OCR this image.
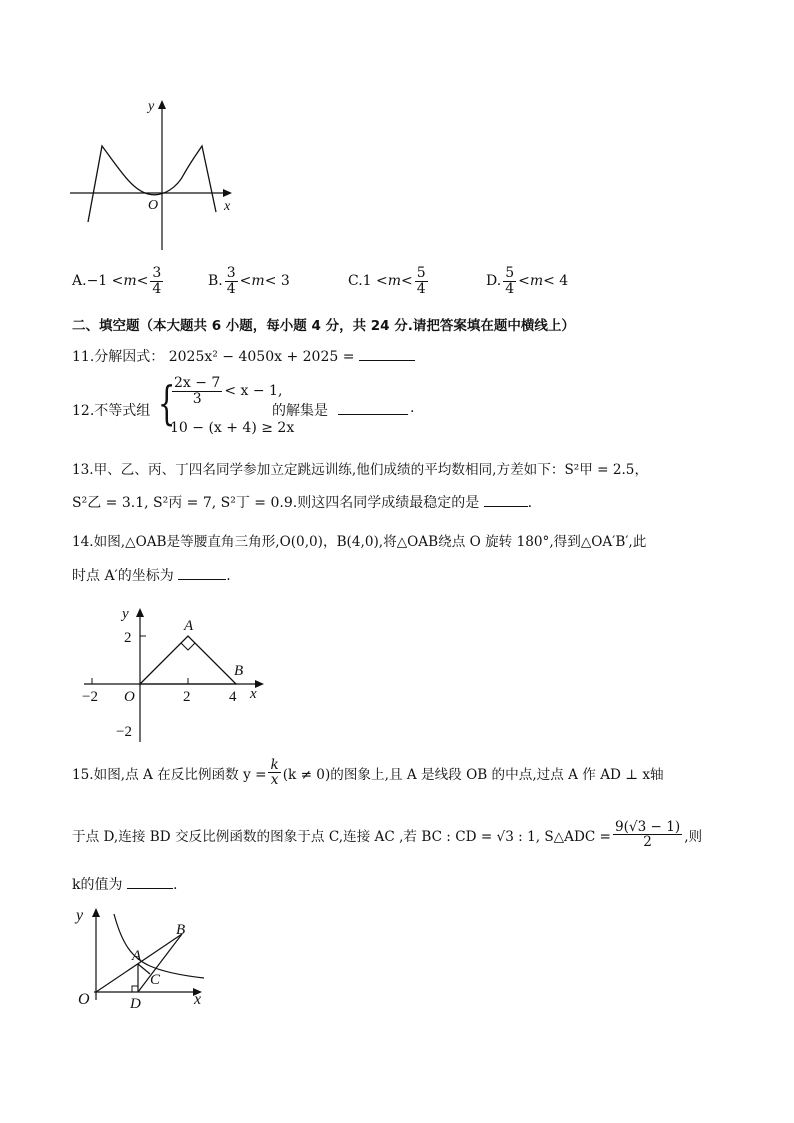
y
x
O
A. $-1 < m < \frac{3}{4}$	B. $\frac{3}{4} < m < 3$	C. $1 < m < \frac{5}{4}$	D. $\frac{5}{4} < m < 4$
二、填空题（本大题共 6 小题，每小题 4 分，共 24 分.请把答案填在题中横线上）
11.分解因式： 2025x² − 4050x + 2025 =
12.不等式组 {
$\frac{2x - 7}{3} < x - 1$,
10 − (x + 4) ≥ 2x
的解集是	.
13.甲、乙、丙、丁四名同学参加立定跳远训练,他们成绩的平均数相同,方差如下：S²甲 = 2.5，
S²乙 = 3.1, S²丙 = 7, S²丁 = 0.9.则这四名同学成绩最稳定的是	.
14.如图,△OAB是等腰直角三角形,O(0,0)，B(4,0),将△OAB绕点 O 旋转 180°,得到△OA′B′,此
时点 A′的坐标为	.
y
x
O
A
B
2
−2
−2	2	4
15.如图,点 A 在反比例函数 $y = \frac{k}{x} (k \ne 0)$的图象上,且 A 是线段 OB 的中点,过点 A 作 AD ⊥ x轴
于点 D,连接 BD 交反比例函数的图象于点 C,连接 AC ,若 BC : CD = √3 : 1, S△ADC = $\frac{9(√3 - 1)}{2}$ ,则
k的值为	.
y
x
O
A
B
C
D
